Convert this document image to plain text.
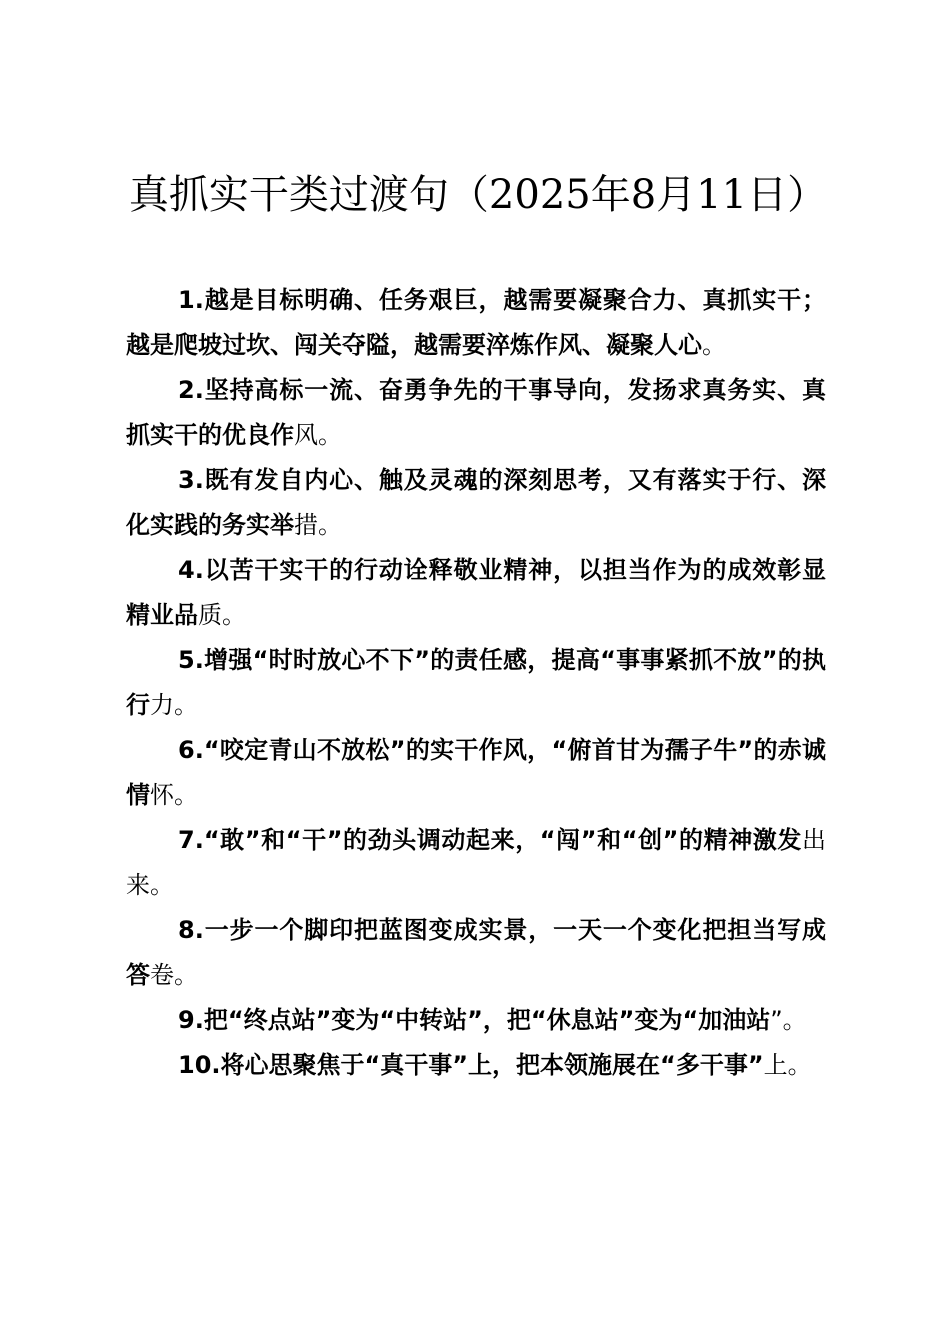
真抓实干类过渡句（2025年8月11日）
1.越是目标明确、任务艰巨，越需要凝聚合力、真抓实干；越是爬坡过坎、闯关夺隘，越需要淬炼作风、凝聚人心。
2.坚持高标一流、奋勇争先的干事导向，发扬求真务实、真抓实干的优良作风。
3.既有发自内心、触及灵魂的深刻思考，又有落实于行、深化实践的务实举措。
4.以苦干实干的行动诠释敬业精神，以担当作为的成效彰显精业品质。
5.增强“时时放心不下”的责任感，提高“事事紧抓不放”的执行力。
6.“咬定青山不放松”的实干作风，“俯首甘为孺子牛”的赤诚情怀。
7.“敢”和“干”的劲头调动起来，“闯”和“创”的精神激发出来。
8.一步一个脚印把蓝图变成实景，一天一个变化把担当写成答卷。
9.把“终点站”变为“中转站”，把“休息站”变为“加油站”。
10.将心思聚焦于“真干事”上，把本领施展在“多干事”上。
